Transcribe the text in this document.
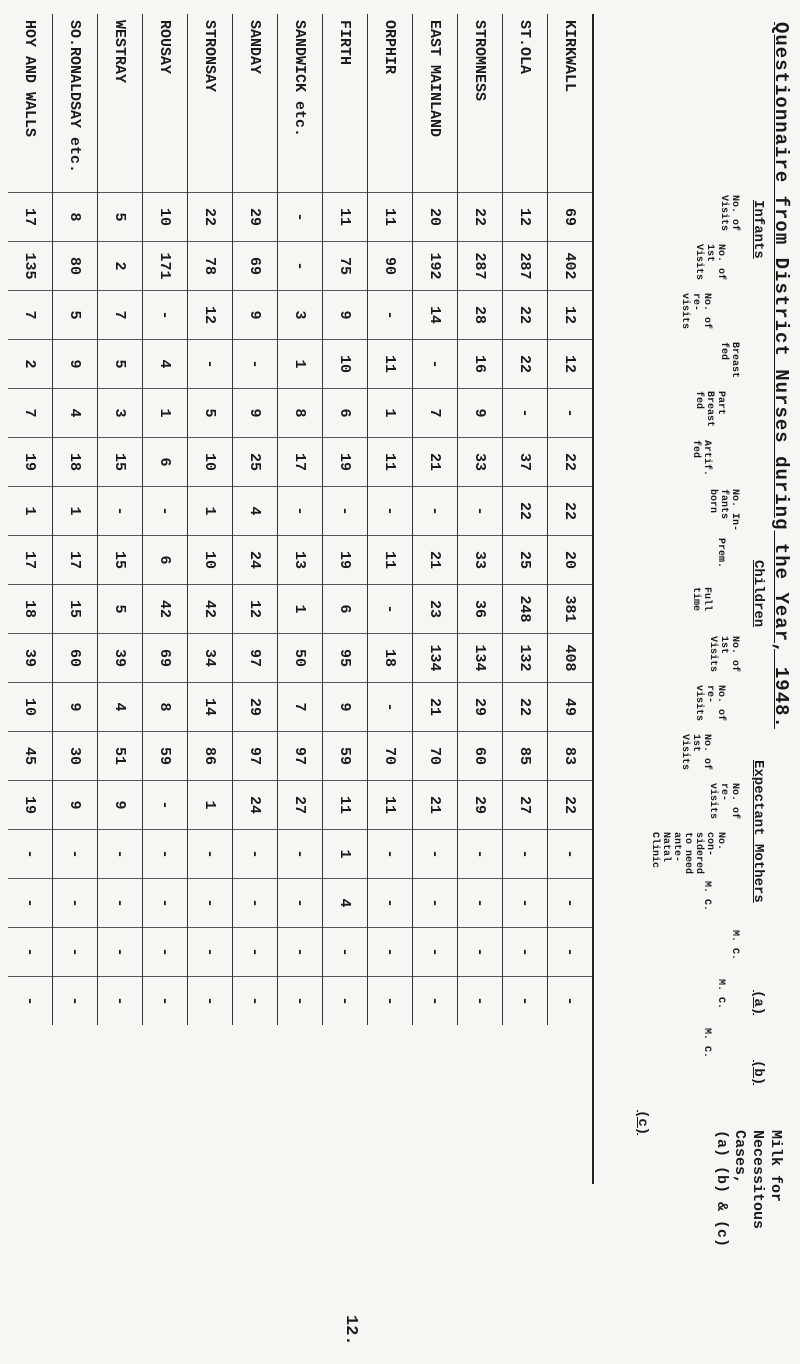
Questionnaire from District Nurses during the Year, 1948.
Milk for
Necessitous
Cases,
(a) (b) & (c)
12.
Infants
Children
Expectant Mothers
(a)
(b)
(c)
No. of Visits
No. of 1st Visits
No. of re- visits
Breast fed
Part Breast fed
Artif. fed
No. In- fants born
Prem.
Full time
No. of 1st Visits
No. of re- visits
No. of 1st Visits
No. of re- visits
No. con- sidered to need ante-Natal Clinic
M. C.
M. C.
M. C.
M. C.
KIRKWALL	69	402	12	12	-	22	22	20	381	408	49	83	22	-	-	-	-
ST.OLA	12	287	22	22	-	37	22	25	248	132	22	85	27	-	-	-	-
STROMNESS	22	287	28	16	9	33	-	33	36	134	29	60	29	-	-	-	-
EAST MAINLAND	20	192	14	-	7	21	-	21	23	134	21	70	21	-	-	-	-
ORPHIR	11	90	-	11	1	11	-	11	-	18	-	70	11	-	-	-	-
FIRTH	11	75	9	10	6	19	-	19	6	95	9	59	11	1	4	-	-
SANDWICK etc.	-	-	3	1	8	17	-	13	1	50	7	97	27	-	-	-	-
SANDAY	29	69	9	-	9	25	4	24	12	97	29	97	24	-	-	-	-
STRONSAY	22	78	12	-	5	10	1	10	42	34	14	86	1	-	-	-	-
ROUSAY	10	171	-	4	1	6	-	6	42	69	8	59	-	-	-	-	-
WESTRAY	5	2	7	5	3	15	-	15	5	39	4	51	9	-	-	-	-
SO.RONALDSAY etc.	8	80	5	9	4	18	1	17	15	60	9	30	9	-	-	-	-
HOY AND WALLS	17	135	7	2	7	19	1	17	18	39	10	45	19	-	-	-	-
